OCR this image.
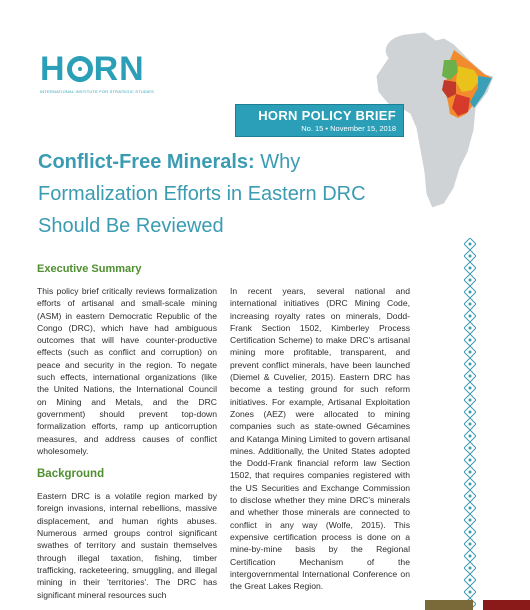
H RN
INTERNATIONAL INSTITUTE FOR STRATEGIC STUDIES
HORN POLICY BRIEF
No. 15 • November 15, 2018
Conflict-Free Minerals: Why
Formalization Efforts in Eastern DRC
Should Be Reviewed
Executive Summary

This policy brief critically reviews formalization efforts of artisanal and small-scale mining (ASM) in eastern Democratic Republic of the Congo (DRC), which have had ambiguous outcomes that will have counter-productive effects (such as conflict and corruption) on peace and security in the region. To negate such effects, international organizations (like the United Nations, the International Council on Mining and Metals, and the DRC government) should prevent top-down formalization efforts, ramp up anticorruption measures, and address causes of conflict wholesomely.

Background

Eastern DRC is a volatile region marked by foreign invasions, internal rebellions, massive displacement, and human rights abuses. Numerous armed groups control significant swathes of territory and sustain themselves through illegal taxation, fishing, timber trafficking, racketeering, smuggling, and illegal mining in their 'territories'. The DRC has significant mineral resources such

In recent years, several national and international initiatives (DRC Mining Code, increasing royalty rates on minerals, Dodd-Frank Section 1502, Kimberley Process Certification Scheme) to make DRC's artisanal mining more profitable, transparent, and prevent conflict minerals, have been launched (Diemel & Cuvelier, 2015). Eastern DRC has become a testing ground for such reform initiatives. For example, Artisanal Exploitation Zones (AEZ) were allocated to mining companies such as state-owned Gécamines and Katanga Mining Limited to govern artisanal mines. Additionally, the United States adopted the Dodd-Frank financial reform law Section 1502, that requires companies registered with the US Securities and Exchange Commission to disclose whether they mine DRC's minerals and whether those minerals are connected to conflict in any way (Wolfe, 2015). This expensive certification process is done on a mine-by-mine basis by the Regional Certification Mechanism of the intergovernmental International Conference on the Great Lakes Region.
